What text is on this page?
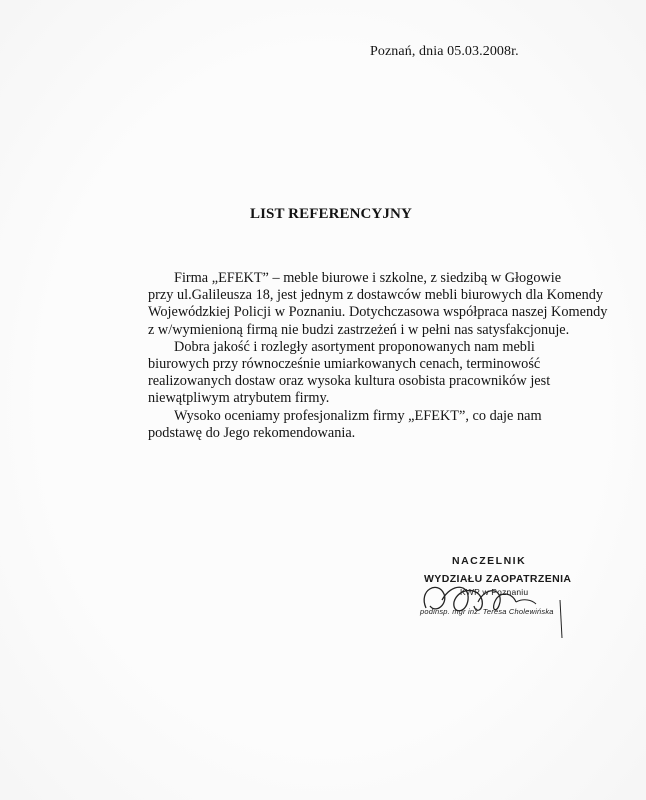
Poznań, dnia 05.03.2008r.
LIST REFERENCYJNY
Firma „EFEKT” – meble biurowe i szkolne, z siedzibą w Głogowie
przy ul.Galileusza 18, jest jednym z dostawców mebli biurowych dla Komendy
Wojewódzkiej Policji w Poznaniu. Dotychczasowa współpraca naszej Komendy
z w/wymienioną firmą nie budzi zastrzeżeń i w pełni nas satysfakcjonuje.
Dobra jakość i rozległy asortyment proponowanych nam mebli
biurowych przy równocześnie umiarkowanych cenach, terminowość
realizowanych dostaw oraz wysoka kultura osobista pracowników jest
niewątpliwym atrybutem firmy.
Wysoko oceniamy profesjonalizm firmy „EFEKT”, co daje nam
podstawę do Jego rekomendowania.
NACZELNIK
WYDZIAŁU ZAOPATRZENIA
KWP w Poznaniu
podinsp. mgr inż. Teresa Cholewińska
